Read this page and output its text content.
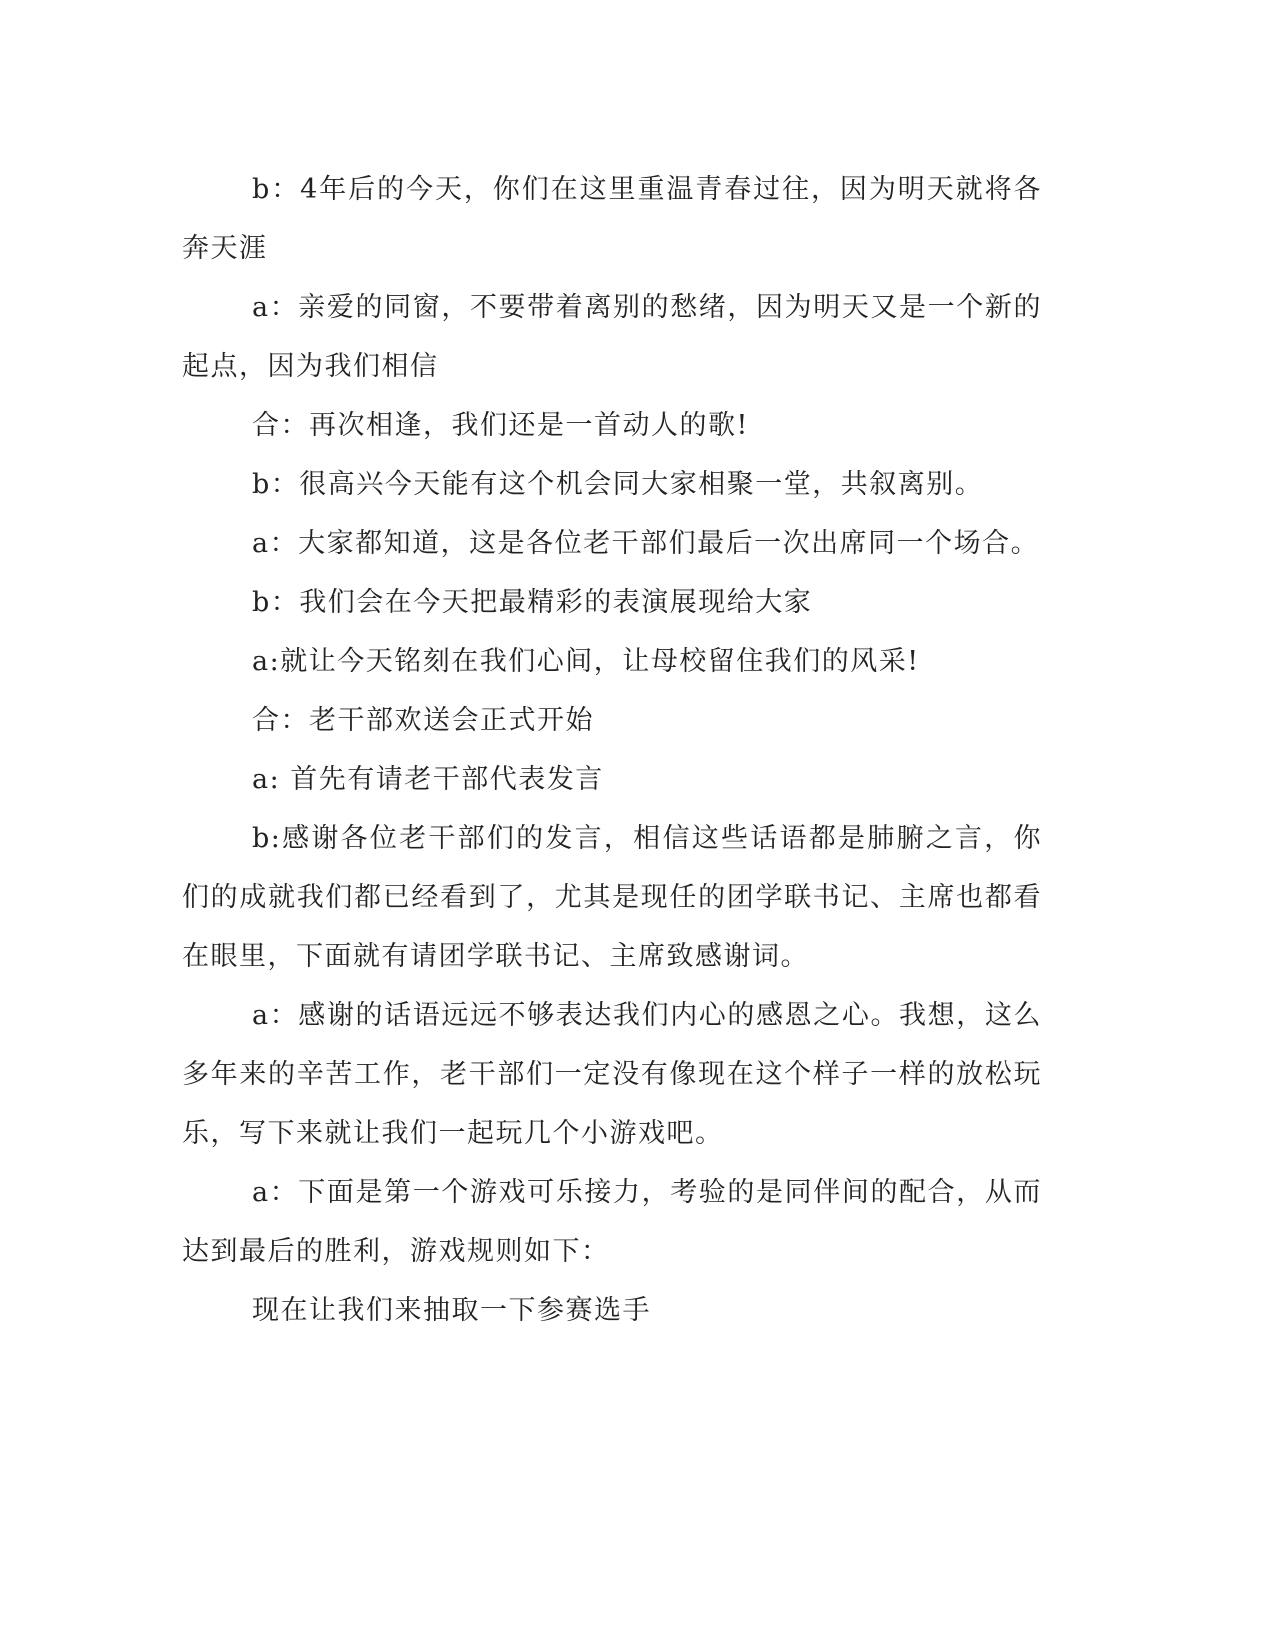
b：4年后的今天，你们在这里重温青春过往，因为明天就将各奔天涯

a：亲爱的同窗，不要带着离别的愁绪，因为明天又是一个新的起点，因为我们相信

合：再次相逢，我们还是一首动人的歌!

b：很高兴今天能有这个机会同大家相聚一堂，共叙离别。

a：大家都知道，这是各位老干部们最后一次出席同一个场合。

b：我们会在今天把最精彩的表演展现给大家

a:就让今天铭刻在我们心间，让母校留住我们的风采!

合：老干部欢送会正式开始

a: 首先有请老干部代表发言

b:感谢各位老干部们的发言，相信这些话语都是肺腑之言，你们的成就我们都已经看到了，尤其是现任的团学联书记、主席也都看在眼里，下面就有请团学联书记、主席致感谢词。

a：感谢的话语远远不够表达我们内心的感恩之心。我想，这么多年来的辛苦工作，老干部们一定没有像现在这个样子一样的放松玩乐，写下来就让我们一起玩几个小游戏吧。

a：下面是第一个游戏可乐接力，考验的是同伴间的配合，从而达到最后的胜利，游戏规则如下：

现在让我们来抽取一下参赛选手
